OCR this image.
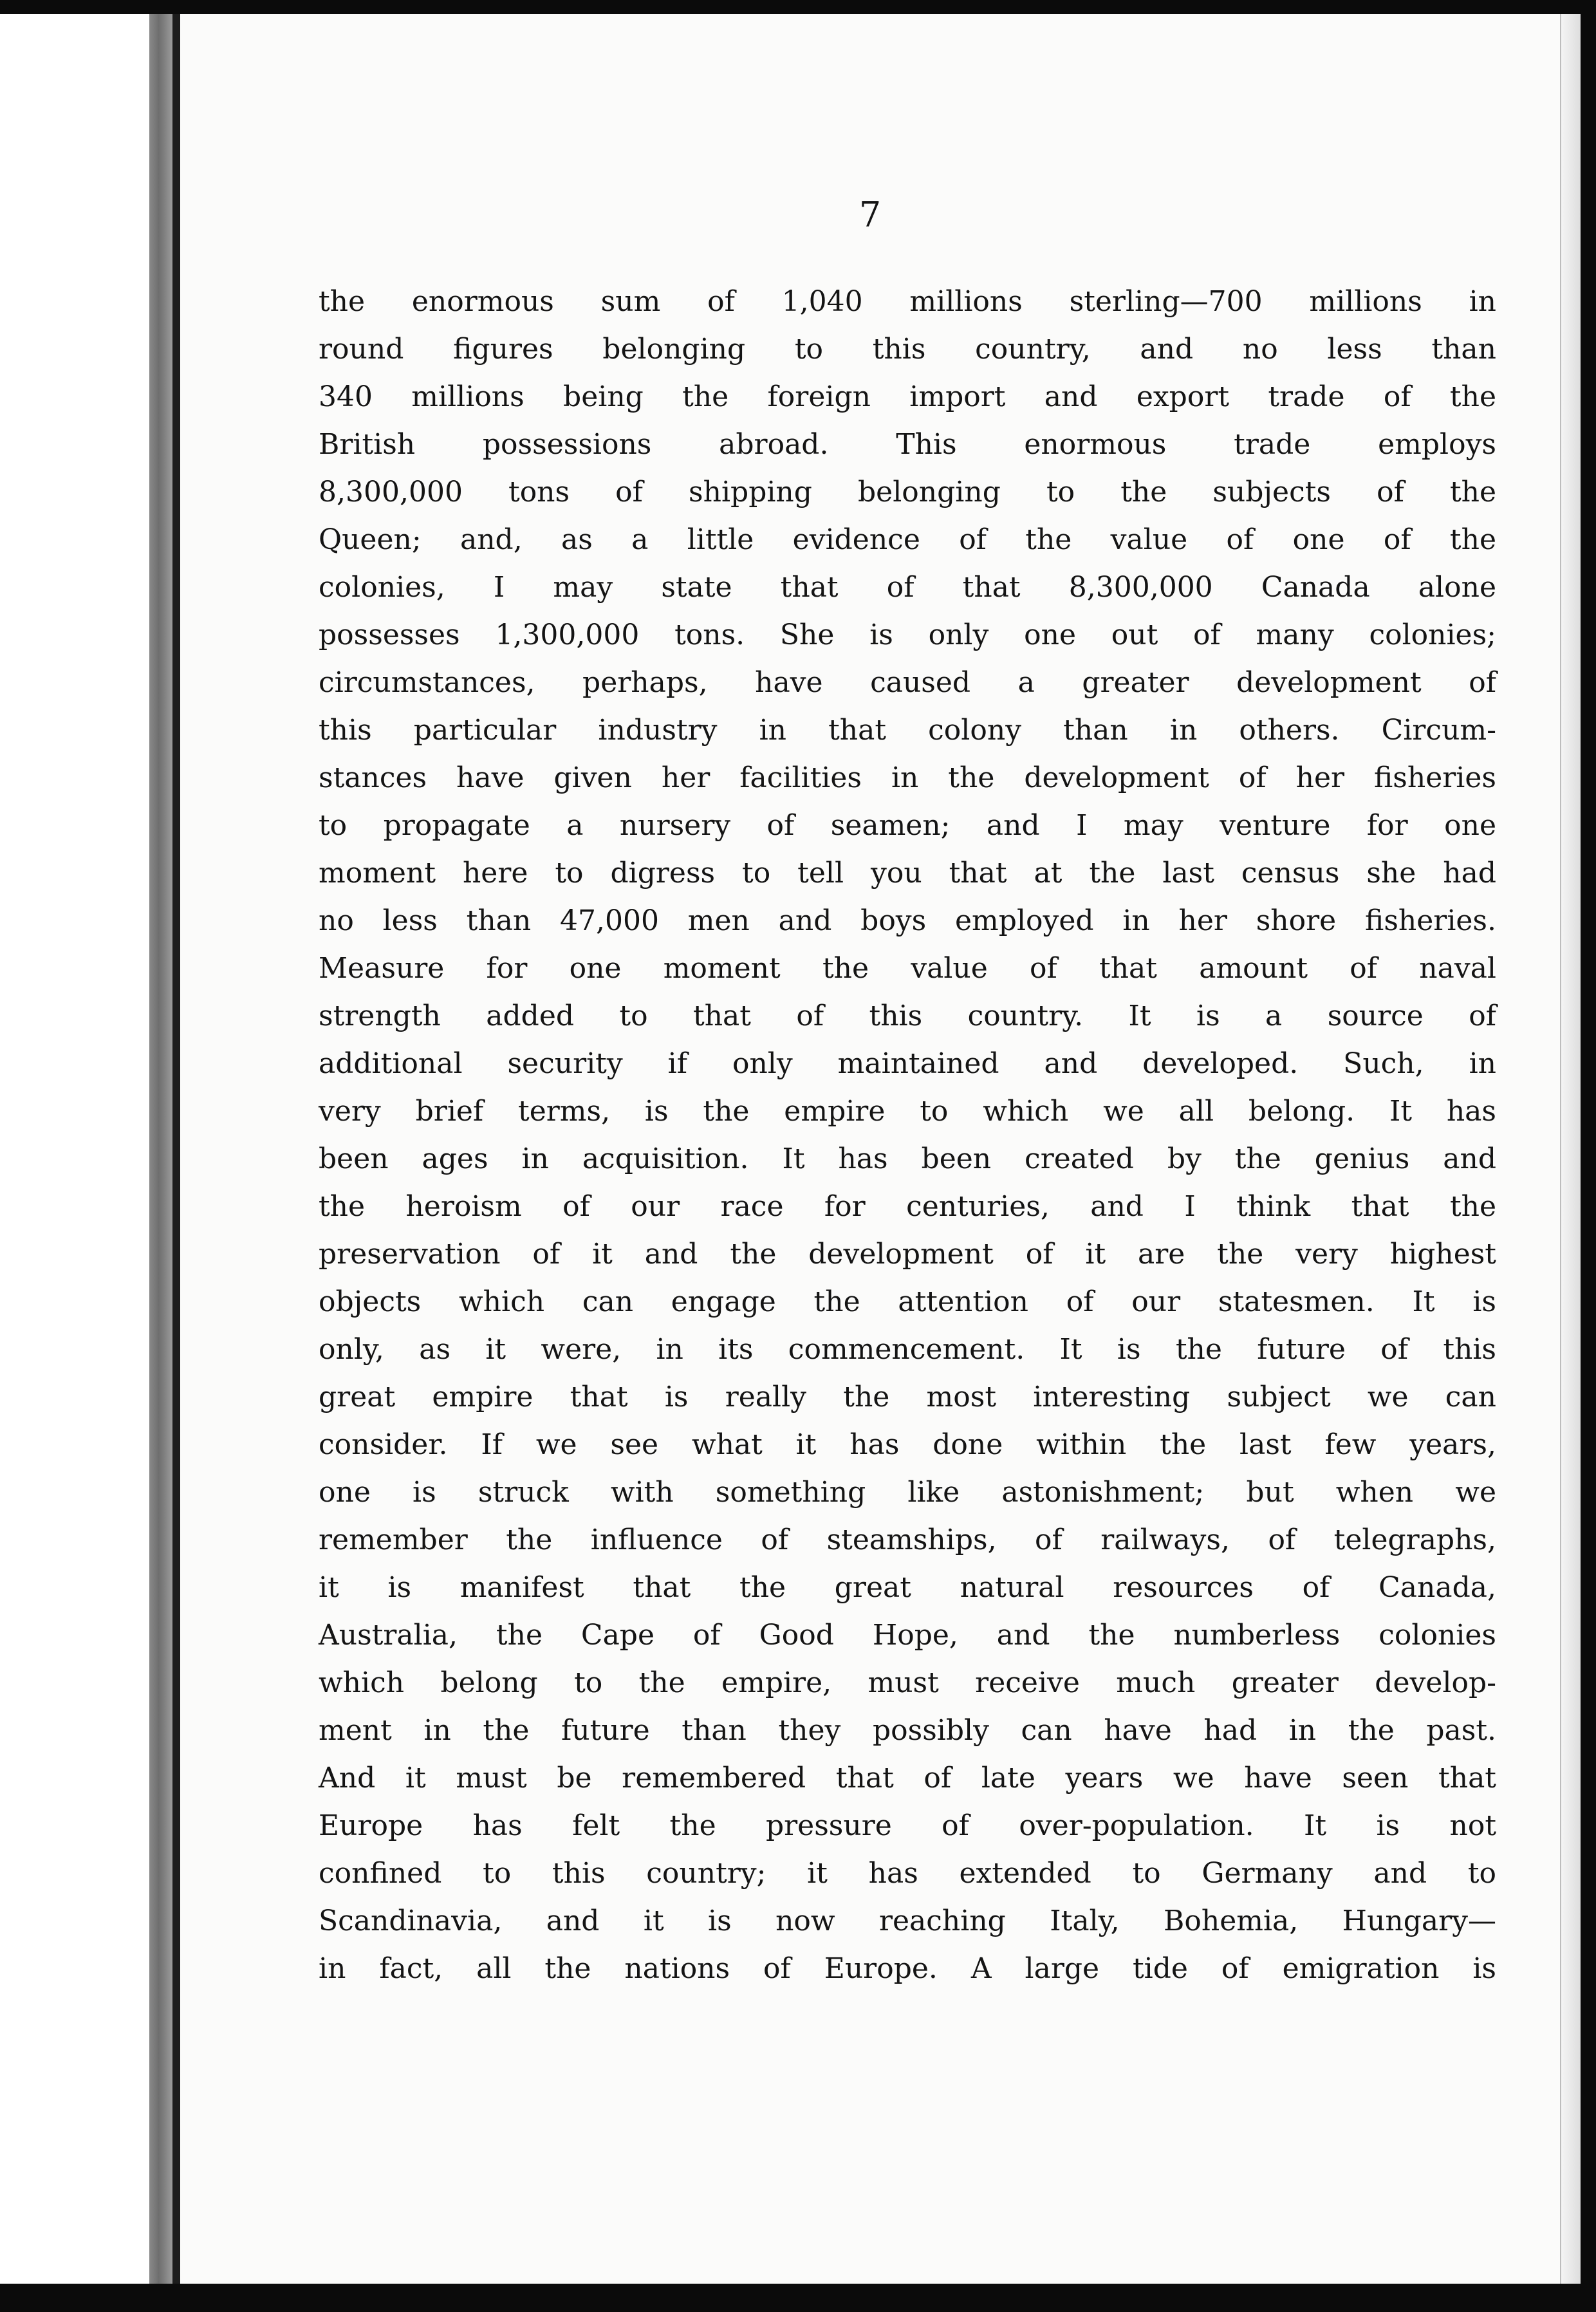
7
the enormous sum of 1,040 millions sterling—700 millions in
round figures belonging to this country, and no less than
340 millions being the foreign import and export trade of the
British possessions abroad. This enormous trade employs
8,300,000 tons of shipping belonging to the subjects of the
Queen; and, as a little evidence of the value of one of the
colonies, I may state that of that 8,300,000 Canada alone
possesses 1,300,000 tons. She is only one out of many colonies;
circumstances, perhaps, have caused a greater development of
this particular industry in that colony than in others. Circum-
stances have given her facilities in the development of her fisheries
to propagate a nursery of seamen; and I may venture for one
moment here to digress to tell you that at the last census she had
no less than 47,000 men and boys employed in her shore fisheries.
Measure for one moment the value of that amount of naval
strength added to that of this country. It is a source of
additional security if only maintained and developed. Such, in
very brief terms, is the empire to which we all belong. It has
been ages in acquisition. It has been created by the genius and
the heroism of our race for centuries, and I think that the
preservation of it and the development of it are the very highest
objects which can engage the attention of our statesmen. It is
only, as it were, in its commencement. It is the future of this
great empire that is really the most interesting subject we can
consider. If we see what it has done within the last few years,
one is struck with something like astonishment; but when we
remember the influence of steamships, of railways, of telegraphs,
it is manifest that the great natural resources of Canada,
Australia, the Cape of Good Hope, and the numberless colonies
which belong to the empire, must receive much greater develop-
ment in the future than they possibly can have had in the past.
And it must be remembered that of late years we have seen that
Europe has felt the pressure of over-population. It is not
confined to this country; it has extended to Germany and to
Scandinavia, and it is now reaching Italy, Bohemia, Hungary—
in fact, all the nations of Europe. A large tide of emigration is
